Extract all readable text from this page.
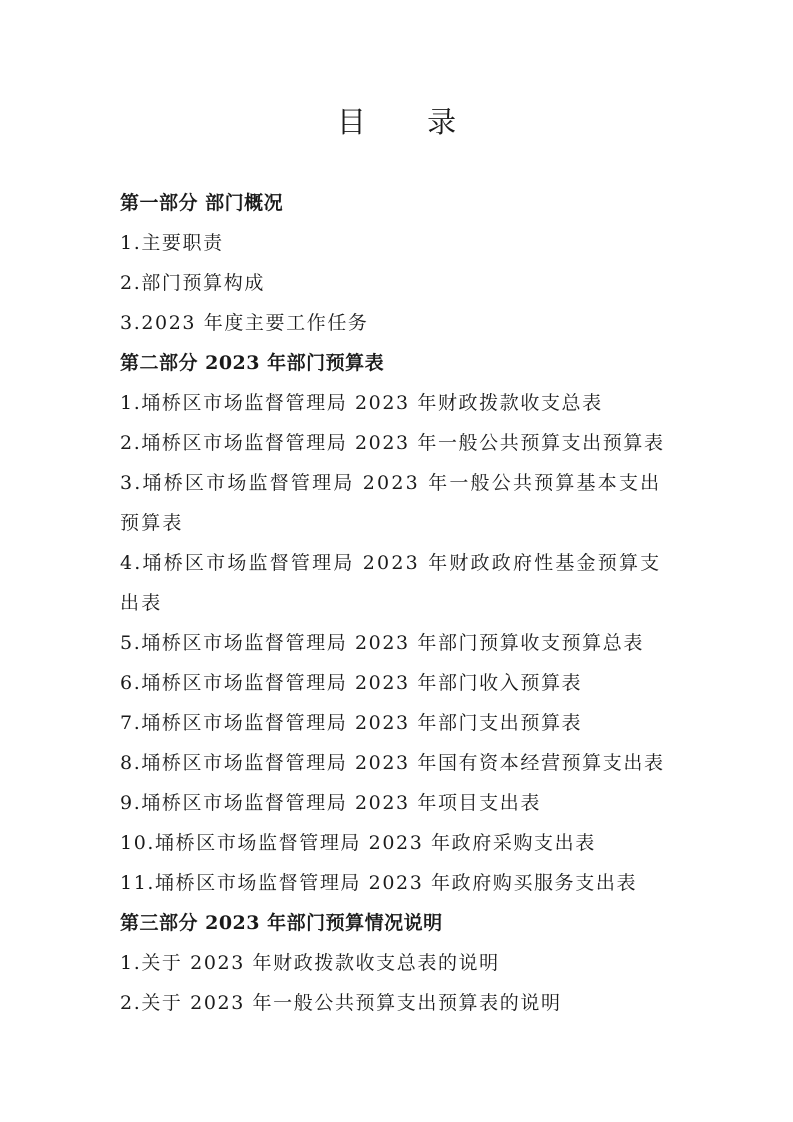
目 录
第一部分 部门概况
1.主要职责
2.部门预算构成
3.2023 年度主要工作任务
第二部分 2023 年部门预算表
1.埇桥区市场监督管理局 2023 年财政拨款收支总表
2.埇桥区市场监督管理局 2023 年一般公共预算支出预算表
3.埇桥区市场监督管理局 2023 年一般公共预算基本支出预算表
4.埇桥区市场监督管理局 2023 年财政政府性基金预算支出表
5.埇桥区市场监督管理局 2023 年部门预算收支预算总表
6.埇桥区市场监督管理局 2023 年部门收入预算表
7.埇桥区市场监督管理局 2023 年部门支出预算表
8.埇桥区市场监督管理局 2023 年国有资本经营预算支出表
9.埇桥区市场监督管理局 2023 年项目支出表
10.埇桥区市场监督管理局 2023 年政府采购支出表
11.埇桥区市场监督管理局 2023 年政府购买服务支出表
第三部分 2023 年部门预算情况说明
1.关于 2023 年财政拨款收支总表的说明
2.关于 2023 年一般公共预算支出预算表的说明
